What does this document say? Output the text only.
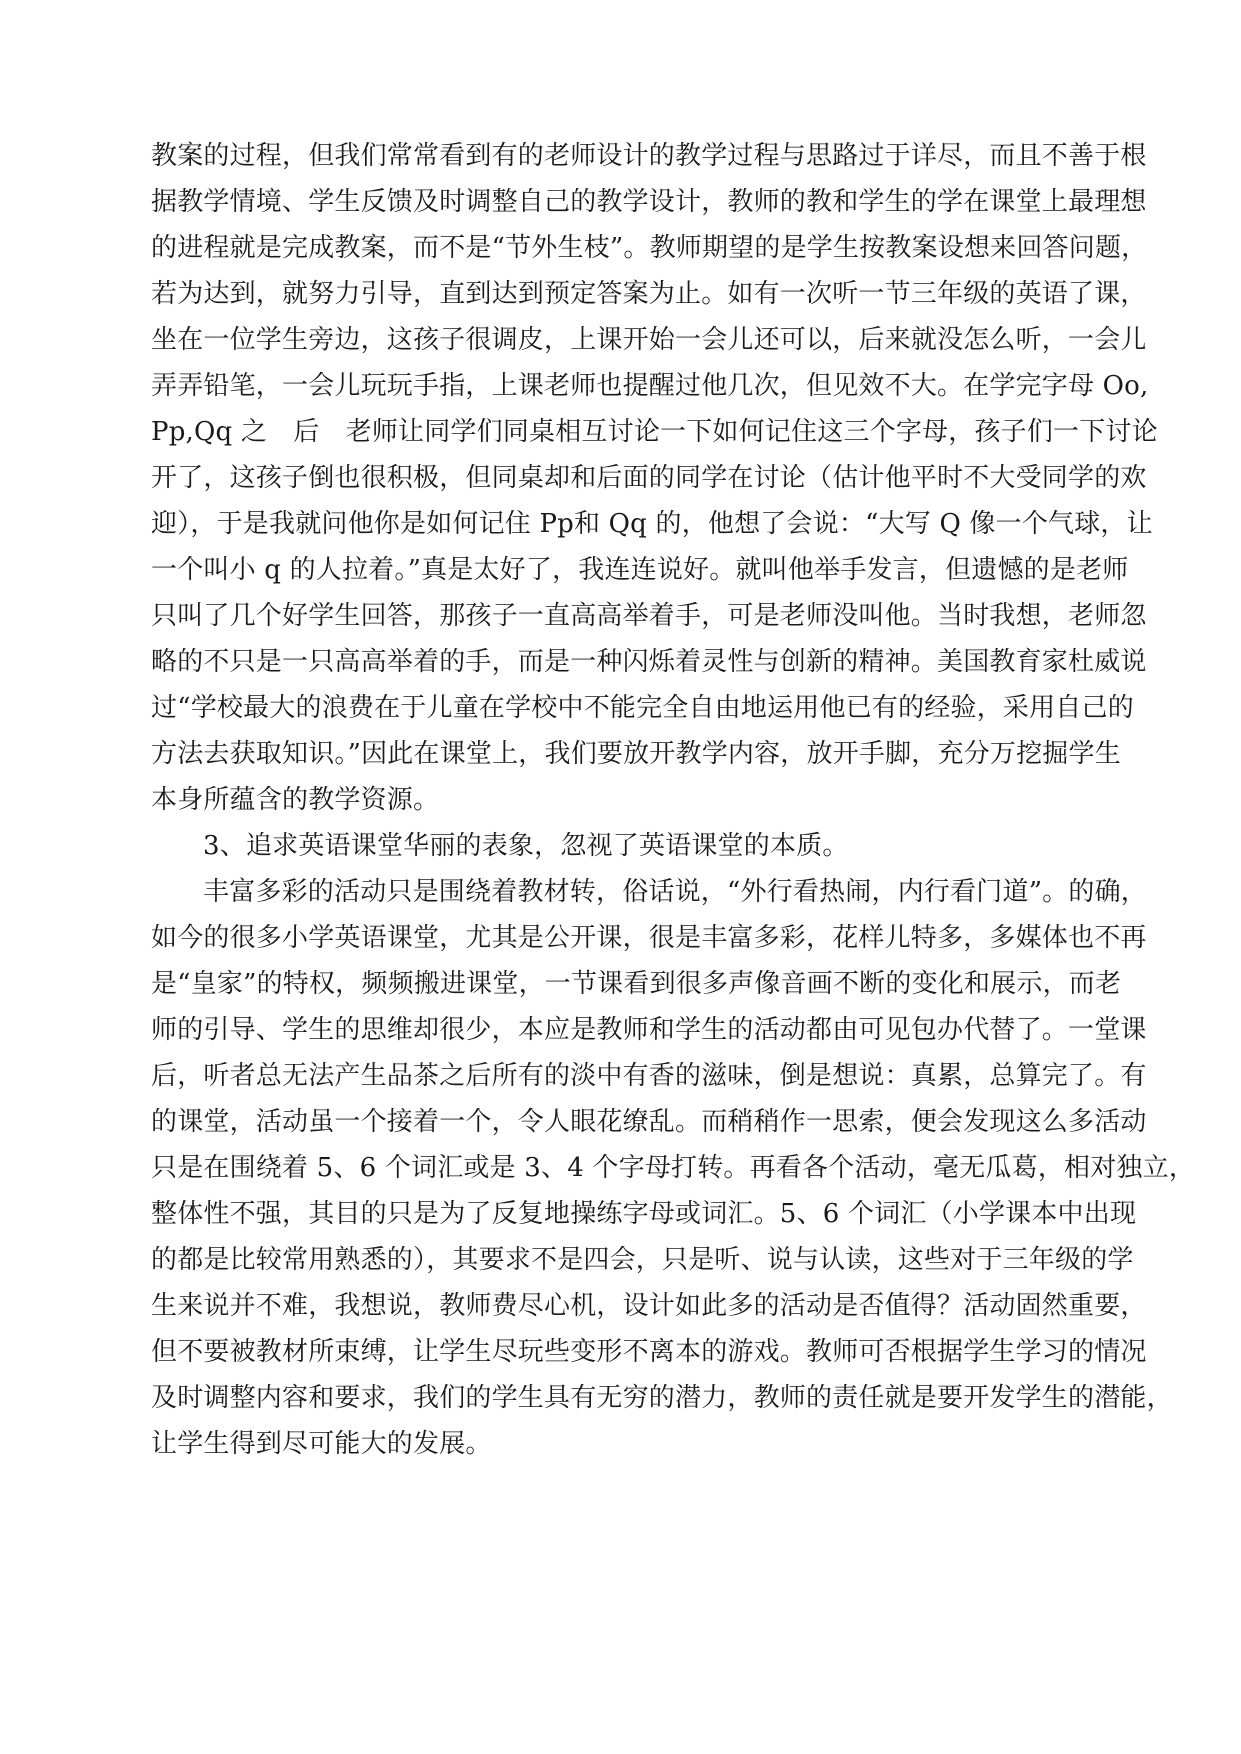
教案的过程，但我们常常看到有的老师设计的教学过程与思路过于详尽，而且不善于根
据教学情境、学生反馈及时调整自己的教学设计，教师的教和学生的学在课堂上最理想
的进程就是完成教案，而不是“节外生枝”。教师期望的是学生按教案设想来回答问题，
若为达到，就努力引导，直到达到预定答案为止。如有一次听一节三年级的英语了课，
坐在一位学生旁边，这孩子很调皮，上课开始一会儿还可以，后来就没怎么听，一会儿
弄弄铅笔，一会儿玩玩手指，上课老师也提醒过他几次，但见效不大。在学完字母 Oo,
Pp,Qq 之　后　老师让同学们同桌相互讨论一下如何记住这三个字母，孩子们一下讨论
开了，这孩子倒也很积极，但同桌却和后面的同学在讨论（估计他平时不大受同学的欢
迎），于是我就问他你是如何记住 Pp和 Qq 的，他想了会说：“大写 Q 像一个气球，让
一个叫小 q 的人拉着。”真是太好了，我连连说好。就叫他举手发言，但遗憾的是老师
只叫了几个好学生回答，那孩子一直高高举着手，可是老师没叫他。当时我想，老师忽
略的不只是一只高高举着的手，而是一种闪烁着灵性与创新的精神。美国教育家杜威说
过“学校最大的浪费在于儿童在学校中不能完全自由地运用他已有的经验，采用自己的
方法去获取知识。”因此在课堂上，我们要放开教学内容，放开手脚，充分万挖掘学生
本身所蕴含的教学资源。
3、追求英语课堂华丽的表象，忽视了英语课堂的本质。
丰富多彩的活动只是围绕着教材转，俗话说，“外行看热闹，内行看门道”。的确，
如今的很多小学英语课堂，尤其是公开课，很是丰富多彩，花样儿特多，多媒体也不再
是“皇家”的特权，频频搬进课堂，一节课看到很多声像音画不断的变化和展示，而老
师的引导、学生的思维却很少，本应是教师和学生的活动都由可见包办代替了。一堂课
后，听者总无法产生品茶之后所有的淡中有香的滋味，倒是想说：真累，总算完了。有
的课堂，活动虽一个接着一个，令人眼花缭乱。而稍稍作一思索，便会发现这么多活动
只是在围绕着 5、6 个词汇或是 3、4 个字母打转。再看各个活动，毫无瓜葛，相对独立，
整体性不强，其目的只是为了反复地操练字母或词汇。5、6 个词汇（小学课本中出现
的都是比较常用熟悉的），其要求不是四会，只是听、说与认读，这些对于三年级的学
生来说并不难，我想说，教师费尽心机，设计如此多的活动是否值得？活动固然重要，
但不要被教材所束缚，让学生尽玩些变形不离本的游戏。教师可否根据学生学习的情况
及时调整内容和要求，我们的学生具有无穷的潜力，教师的责任就是要开发学生的潜能，
让学生得到尽可能大的发展。
